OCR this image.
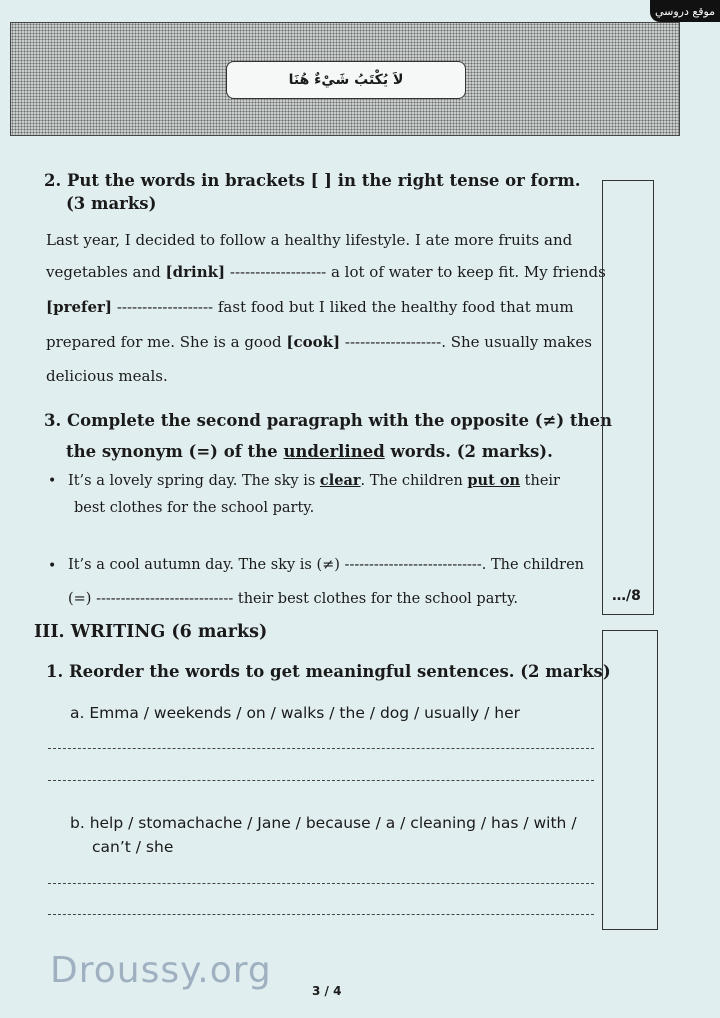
موقع دروسي
لاَ يُكْتَبُ شَيْءٌ هُنَا
2. Put the words in brackets [ ] in the right tense or form.
(3 marks)
Last year, I decided to follow a healthy lifestyle. I ate more fruits and
vegetables and [drink] ------------------- a lot of water to keep fit. My friends
[prefer] ------------------- fast food but I liked the healthy food that mum
prepared for me. She is a good [cook] -------------------. She usually makes
delicious meals.
3. Complete the second paragraph with the opposite (≠) then
the synonym (=) of the underlined words. (2 marks).
• It’s a lovely spring day. The sky is clear. The children put on their
best clothes for the school party.
• It’s a cool autumn day. The sky is (≠) ----------------------------. The children
(=) ---------------------------- their best clothes for the school party.	…/8
III. WRITING (6 marks)
1. Reorder the words to get meaningful sentences. (2 marks)
a. Emma / weekends / on / walks / the / dog / usually / her
b. help / stomachache / Jane / because / a / cleaning / has / with /
can’t / she
Droussy.org	3 / 4
